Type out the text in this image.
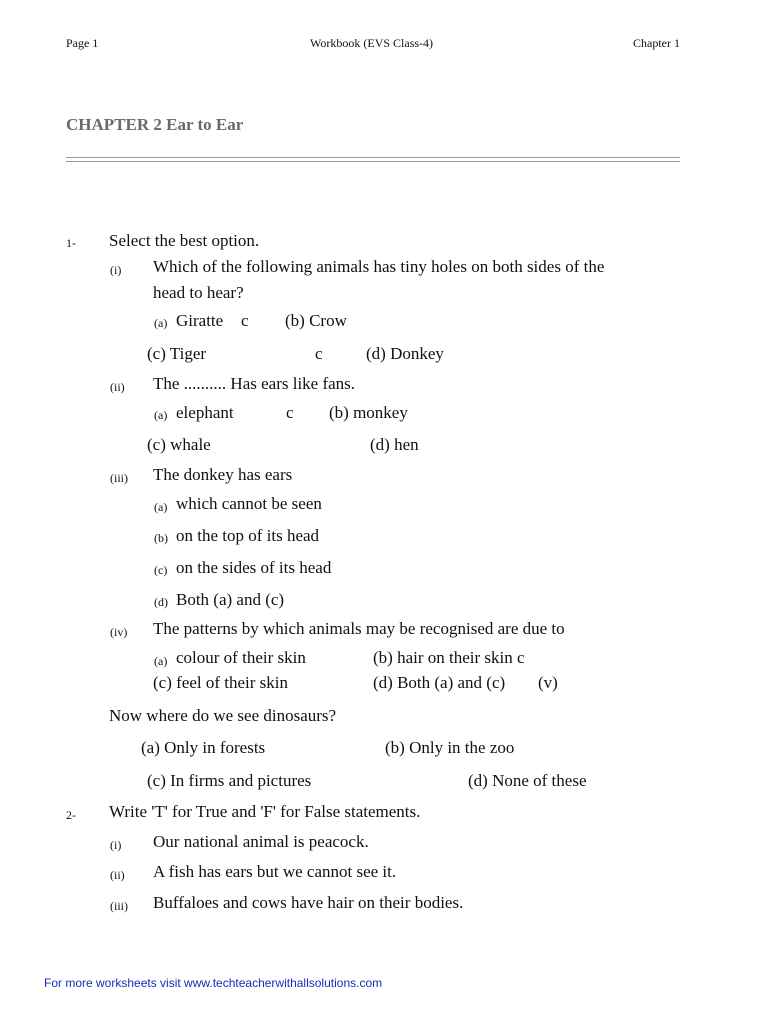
Page 1	Workbook (EVS Class-4)	Chapter 1
CHAPTER 2 Ear to Ear
1- Select the best option.
(i) Which of the following animals has tiny holes on both sides of the
head to hear?
(a) Giratte c (b) Crow
(c) Tiger	c	(d) Donkey
(ii) The .......... Has ears like fans.
(a) elephant	c (b) monkey
(c) whale	(d) hen
(iii) The donkey has ears
(a) which cannot be seen
(b) on the top of its head
(c) on the sides of its head
(d) Both (a) and (c)
(iv) The patterns by which animals may be recognised are due to
(a) colour of their skin	(b) hair on their skin c
(c) feel of their skin	(d) Both (a) and (c) (v)
Now where do we see dinosaurs?
(a) Only in forests	(b) Only in the zoo
(c) In firms and pictures	(d) None of these
2- Write 'T' for True and 'F' for False statements.
(i) Our national animal is peacock.
(ii) A fish has ears but we cannot see it.
(iii) Buffaloes and cows have hair on their bodies.
For more worksheets visit www.techteacherwithallsolutions.com
